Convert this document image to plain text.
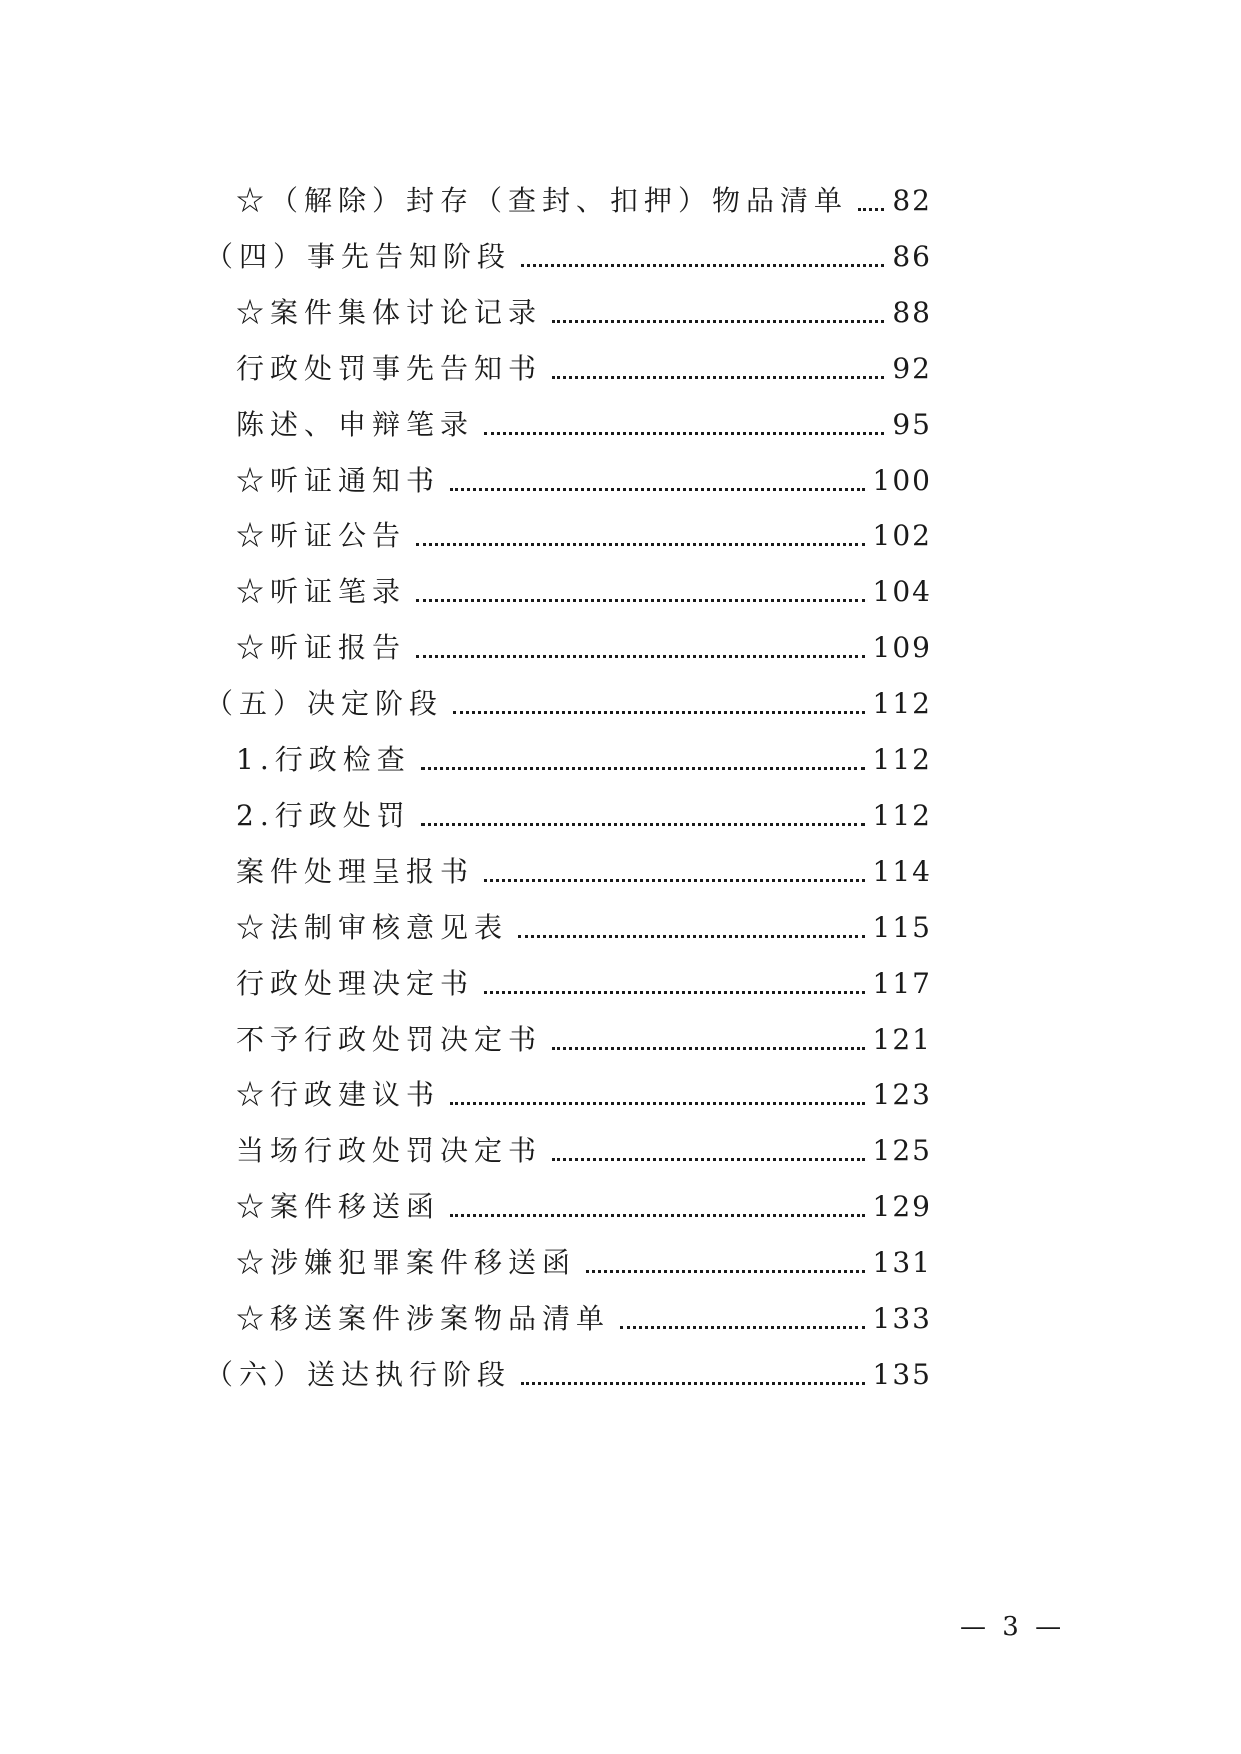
☆（解除）封存（查封、扣押）物品清单 82
（四）事先告知阶段	86
☆案件集体讨论记录	88
行政处罚事先告知书	92
陈述、申辩笔录	95
☆听证通知书	100
☆听证公告	102
☆听证笔录	104
☆听证报告	109
（五）决定阶段	112
1.行政检查	112
2.行政处罚	112
案件处理呈报书	114
☆法制审核意见表	115
行政处理决定书	117
不予行政处罚决定书	121
☆行政建议书	123
当场行政处罚决定书	125
☆案件移送函	129
☆涉嫌犯罪案件移送函	131
☆移送案件涉案物品清单	133
（六）送达执行阶段	135
— 3 —
